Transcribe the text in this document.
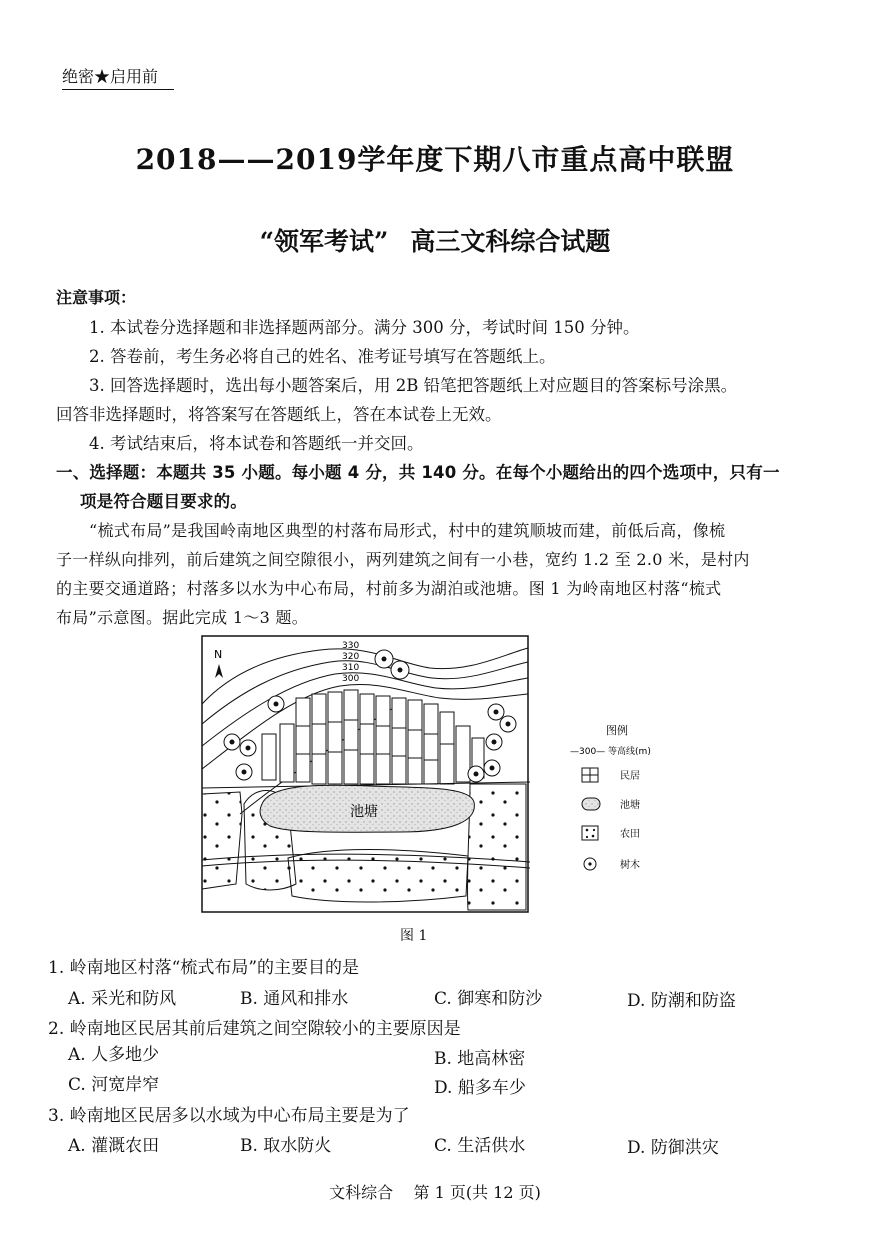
绝密★启用前
2018——2019学年度下期八市重点高中联盟
“领军考试” 高三文科综合试题
注意事项：
1. 本试卷分选择题和非选择题两部分。满分 300 分，考试时间 150 分钟。
2. 答卷前，考生务必将自己的姓名、准考证号填写在答题纸上。
3. 回答选择题时，选出每小题答案后，用 2B 铅笔把答题纸上对应题目的答案标号涂黑。
回答非选择题时，将答案写在答题纸上，答在本试卷上无效。
4. 考试结束后，将本试卷和答题纸一并交回。
一、选择题：本题共 35 小题。每小题 4 分，共 140 分。在每个小题给出的四个选项中，只有一
项是符合题目要求的。
“梳式布局”是我国岭南地区典型的村落布局形式，村中的建筑顺坡而建，前低后高，像梳
子一样纵向排列，前后建筑之间空隙很小，两列建筑之间有一小巷，宽约 1.2 至 2.0 米，是村内
的主要交通道路；村落多以水为中心布局，村前多为湖泊或池塘。图 1 为岭南地区村落“梳式
布局”示意图。据此完成 1～3 题。
N
330
320
310
300
池塘
图例
—300— 等高线(m)
民居
池塘
农田
树木
图 1
1. 岭南地区村落“梳式布局”的主要目的是
A. 采光和防风	B. 通风和排水	C. 御寒和防沙	D. 防潮和防盗
2. 岭南地区民居其前后建筑之间空隙较小的主要原因是
A. 人多地少	B. 地高林密
C. 河宽岸窄	D. 船多车少
3. 岭南地区民居多以水域为中心布局主要是为了
A. 灌溉农田	B. 取水防火	C. 生活供水	D. 防御洪灾
文科综合    第 1 页(共 12 页)
